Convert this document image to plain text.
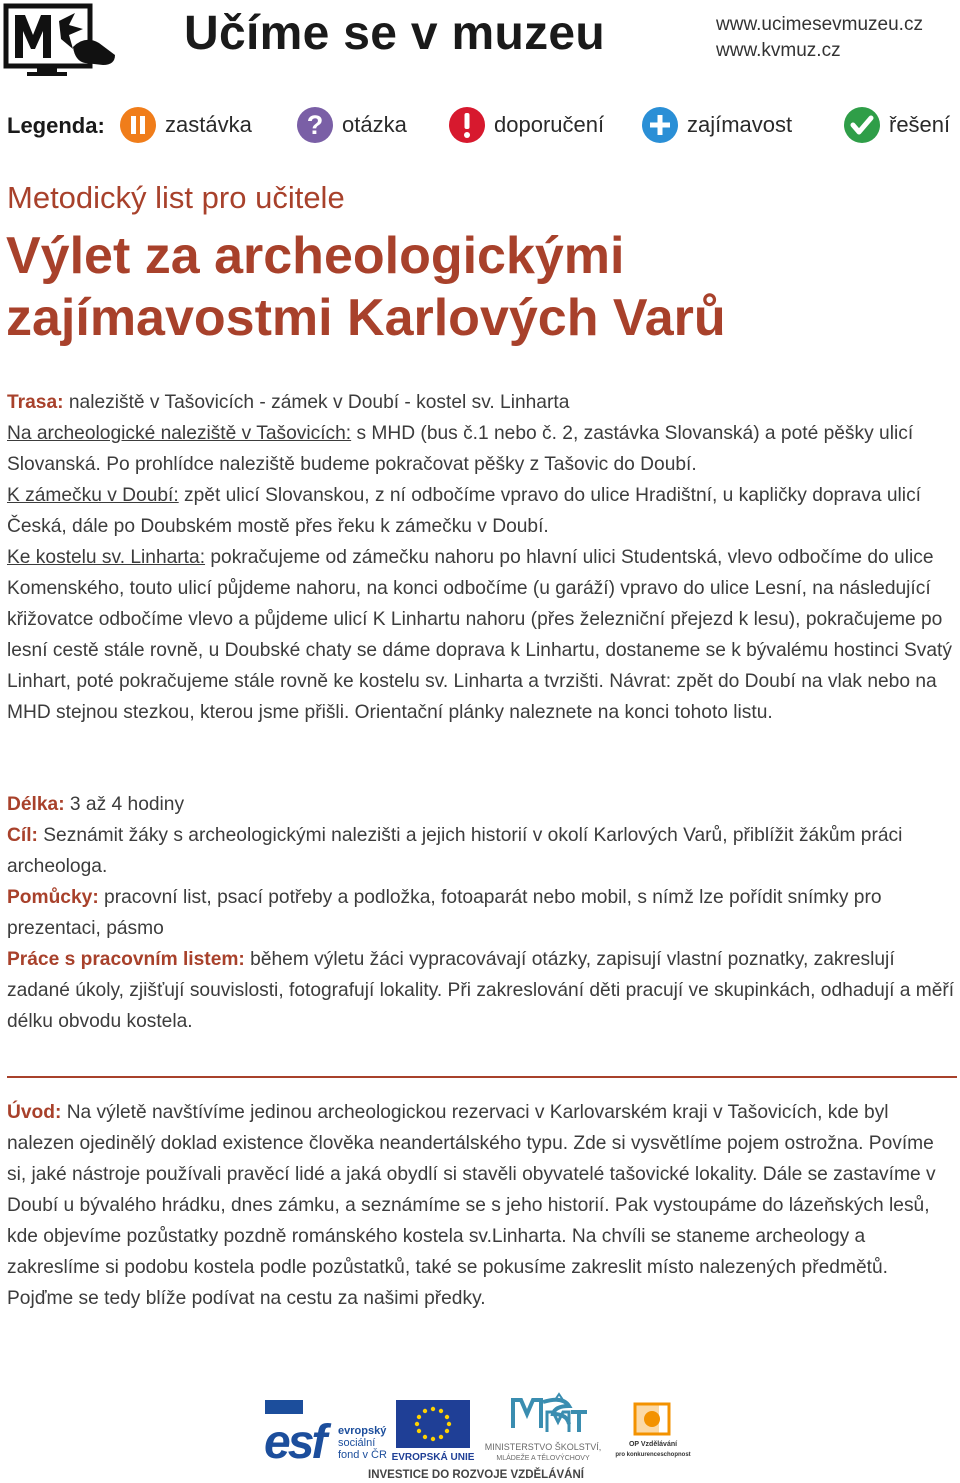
Učíme se v muzeu	www.ucimesevmuzeu.cz
www.kvmuz.cz
Legenda:	zastávka ? otázka	doporučení	zajímavost	řešení
Metodický list pro učitele
Výlet za archeologickými zajímavostmi Karlových Varů
Trasa: naleziště v Tašovicích - zámek v Doubí - kostel sv. Linharta
Na archeologické naleziště v Tašovicích: s MHD (bus č.1 nebo č. 2, zastávka Slovanská) a poté pěšky ulicí Slovanská. Po prohlídce naleziště budeme pokračovat pěšky z Tašovic do Doubí.
K zámečku v Doubí: zpět ulicí Slovanskou, z ní odbočíme vpravo do ulice Hradištní, u kapličky doprava ulicí Česká, dále po Doubském mostě přes řeku k zámečku v Doubí.
Ke kostelu sv. Linharta: pokračujeme od zámečku nahoru po hlavní ulici Studentská, vlevo odbočíme do ulice Komenského, touto ulicí půjdeme nahoru, na konci odbočíme (u garáží) vpravo do ulice Lesní, na následující křižovatce odbočíme vlevo a půjdeme ulicí K Linhartu nahoru (přes železniční přejezd k lesu), pokračujeme po lesní cestě stále rovně, u Doubské chaty se dáme doprava k Linhartu, dostaneme se k bývalému hostinci Svatý Linhart, poté pokračujeme stále rovně ke kostelu sv. Linharta a tvrzišti. Návrat: zpět do Doubí na vlak nebo na MHD stejnou stezkou, kterou jsme přišli. Orientační plánky naleznete na konci tohoto listu.
Délka: 3 až 4 hodiny
Cíl: Seznámit žáky s archeologickými nalezišti a jejich historií v okolí Karlových Varů, přiblížit žákům práci archeologa.
Pomůcky: pracovní list, psací potřeby a podložka, fotoaparát nebo mobil, s nímž lze pořídit snímky pro prezentaci, pásmo
Práce s pracovním listem: během výletu žáci vypracovávají otázky, zapisují vlastní poznatky, zakreslují zadané úkoly, zjišťují souvislosti, fotografují lokality. Při zakreslování děti pracují ve skupinkách, odhadují a měří délku obvodu kostela.
Úvod: Na výletě navštívíme jedinou archeologickou rezervaci v Karlovarském kraji v Tašovicích, kde byl nalezen ojedinělý doklad existence člověka neandertálského typu. Zde si vysvětlíme pojem ostrožna. Povíme si, jaké nástroje používali pravěcí lidé a jaká obydlí si stavěli obyvatelé tašovické lokality. Dále se zastavíme v Doubí u bývalého hrádku, dnes zámku, a seznámíme se s jeho historií. Pak vystoupáme do lázeňských lesů, kde objevíme pozůstatky pozdně románského kostela sv.Linharta. Na chvíli se staneme archeology a zakreslíme si podobu kostela podle pozůstatků, také se pokusíme zakreslit místo nalezených předmětů. Pojďme se tedy blíže podívat na cestu za našimi předky.
esf	evropský
sociální
fond v ČR EVROPSKÁ UNIE
MINISTERSTVO ŠKOLSTVÍ,
MLÁDEŽE A TĚLOVÝCHOVY
OP Vzdělávání
pro konkurenceschopnost
INVESTICE DO ROZVOJE VZDĚLÁVÁNÍ
